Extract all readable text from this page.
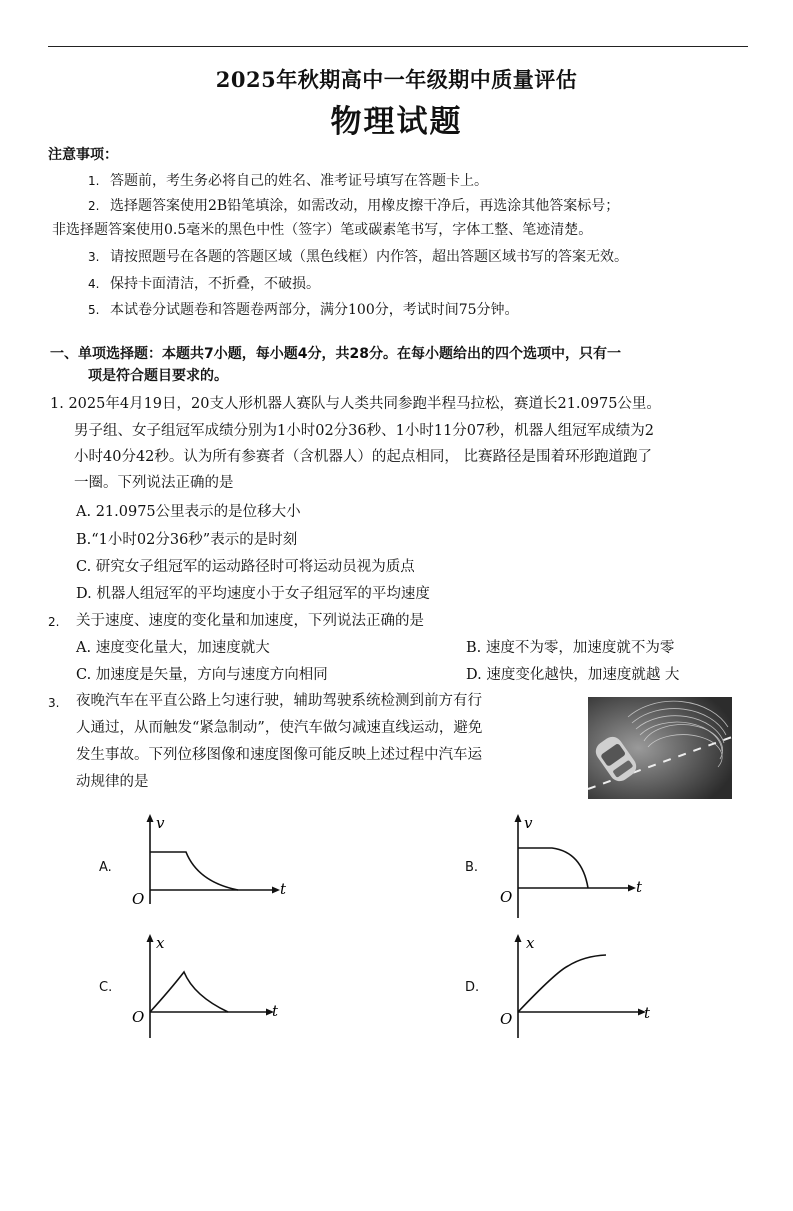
2025年秋期高中一年级期中质量评估
物理试题
注意事项：
1. 答题前，考生务必将自己的姓名、准考证号填写在答题卡上。
2. 选择题答案使用2B铅笔填涂，如需改动，用橡皮擦干净后，再选涂其他答案标号；
非选择题答案使用0.5毫米的黑色中性（签字）笔或碳素笔书写，字体工整、笔迹清楚。
3. 请按照题号在各题的答题区域（黑色线框）内作答，超出答题区域书写的答案无效。
4. 保持卡面清洁，不折叠，不破损。
5. 本试卷分试题卷和答题卷两部分，满分100分，考试时间75分钟。
一、单项选择题：本题共7小题，每小题4分，共28分。在每小题给出的四个选项中，只有一
项是符合题目要求的。
1. 2025年4月19日，20支人形机器人赛队与人类共同参跑半程马拉松，赛道长21.0975公里。
男子组、女子组冠军成绩分别为1小时02分36秒、1小时11分07秒，机器人组冠军成绩为2
小时40分42秒。认为所有参赛者（含机器人）的起点相同， 比赛路径是围着环形跑道跑了
一圈。下列说法正确的是
A. 21.0975公里表示的是位移大小
B.“1小时02分36秒”表示的是时刻
C. 研究女子组冠军的运动路径时可将运动员视为质点
D. 机器人组冠军的平均速度小于女子组冠军的平均速度
2.	关于速度、速度的变化量和加速度，下列说法正确的是
A. 速度变化量大，加速度就大	B. 速度不为零，加速度就不为零
C. 加速度是矢量，方向与速度方向相同	D. 速度变化越快，加速度就越 大
3.	夜晚汽车在平直公路上匀速行驶，辅助驾驶系统检测到前方有行
人通过，从而触发“紧急制动”，使汽车做匀减速直线运动，避免
发生事故。下列位移图像和速度图像可能反映上述过程中汽车运
动规律的是
A.
v
t
O
B.
v
t
O
C.
x
t
O
D.
x
t
O
